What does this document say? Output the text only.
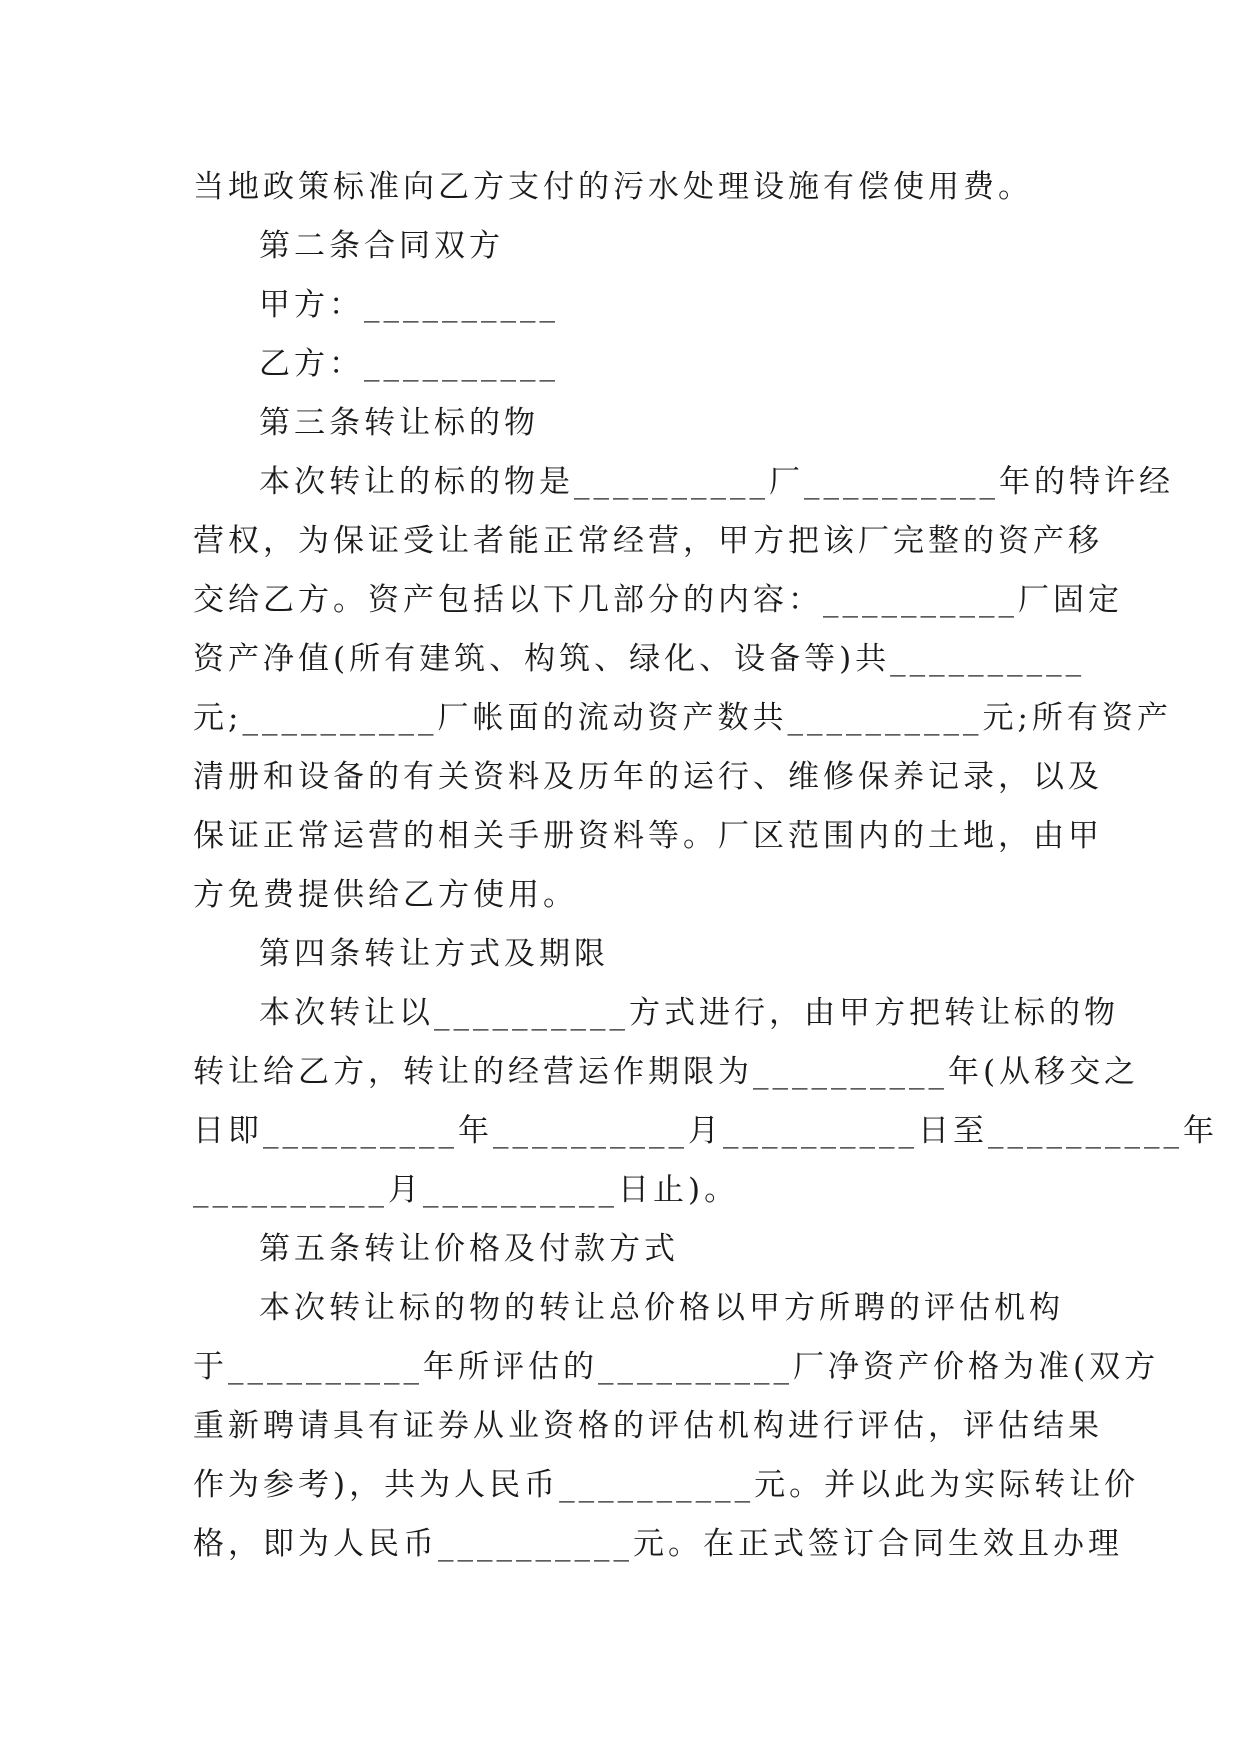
当地政策标准向乙方支付的污水处理设施有偿使用费。
第二条合同双方
甲方：__________
乙方：__________
第三条转让标的物
本次转让的标的物是__________厂__________年的特许经
营权，为保证受让者能正常经营，甲方把该厂完整的资产移
交给乙方。资产包括以下几部分的内容：__________厂固定
资产净值(所有建筑、构筑、绿化、设备等)共__________
元;__________厂帐面的流动资产数共__________元;所有资产
清册和设备的有关资料及历年的运行、维修保养记录，以及
保证正常运营的相关手册资料等。厂区范围内的土地，由甲
方免费提供给乙方使用。
第四条转让方式及期限
本次转让以__________方式进行，由甲方把转让标的物
转让给乙方，转让的经营运作期限为__________年(从移交之
日即__________年__________月__________日至__________年
__________月__________日止)。
第五条转让价格及付款方式
本次转让标的物的转让总价格以甲方所聘的评估机构
于__________年所评估的__________厂净资产价格为准(双方
重新聘请具有证券从业资格的评估机构进行评估，评估结果
作为参考)，共为人民币__________元。并以此为实际转让价
格，即为人民币__________元。在正式签订合同生效且办理
